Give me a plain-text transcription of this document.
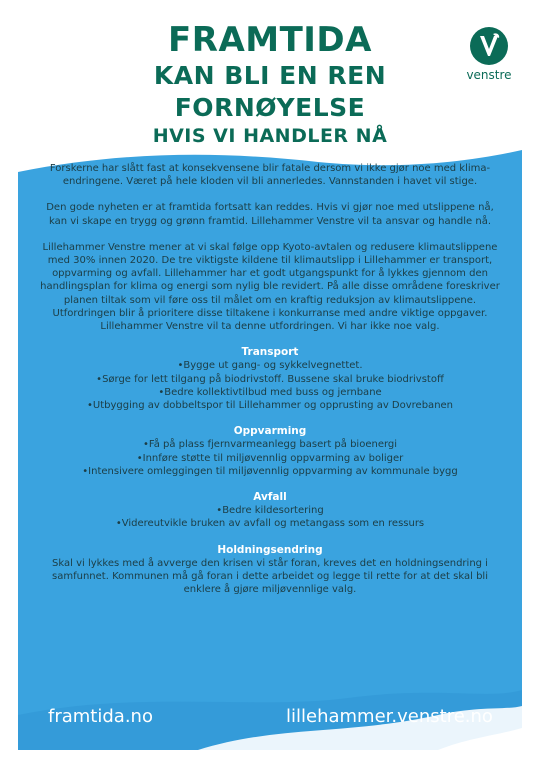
FRAMTIDA
KAN BLI EN REN
FORNØYELSE
HVIS VI HANDLER NÅ
venstre

Forskerne har slått fast at konsekvensene blir fatale dersom vi ikke gjør noe med klima-endringene. Været på hele kloden vil bli annerledes. Vannstanden i havet vil stige.

Den gode nyheten er at framtida fortsatt kan reddes. Hvis vi gjør noe med utslippene nå, kan vi skape en trygg og grønn framtid. Lillehammer Venstre vil ta ansvar og handle nå.

Lillehammer Venstre mener at vi skal følge opp Kyoto-avtalen og redusere klimautslippene med 30% innen 2020. De tre viktigste kildene til klimautslipp i Lillehammer er transport, oppvarming og avfall. Lillehammer har et godt utgangspunkt for å lykkes gjennom den handlingsplan for klima og energi som nylig ble revidert. På alle disse områdene foreskriver planen tiltak som vil føre oss til målet om en kraftig reduksjon av klimautslippene.

Utfordringen blir å prioritere disse tiltakene i konkurranse med andre viktige oppgaver. Lillehammer Venstre vil ta denne utfordringen. Vi har ikke noe valg.

Transport
• Bygge ut gang- og sykkelvegnettet.
• Sørge for lett tilgang på biodrivstoff. Bussene skal bruke biodrivstoff
• Bedre kollektivtilbud med buss og jernbane
• Utbygging av dobbeltspor til Lillehammer og opprusting av Dovrebanen
Oppvarming
• Få på plass fjernvarmeanlegg basert på bioenergi
• Innføre støtte til miljøvennlig oppvarming av boliger
• Intensivere omleggingen til miljøvennlig oppvarming av kommunale bygg
Avfall
• Bedre kildesortering
• Videreutvikle bruken av avfall og metangass som en ressurs
Holdningsendring

Skal vi lykkes med å avverge den krisen vi står foran, kreves det en holdningsendring i samfunnet. Kommunen må gå foran i dette arbeidet og legge til rette for at det skal bli enklere å gjøre miljøvennlige valg.

framtida.no	lillehammer.venstre.no
